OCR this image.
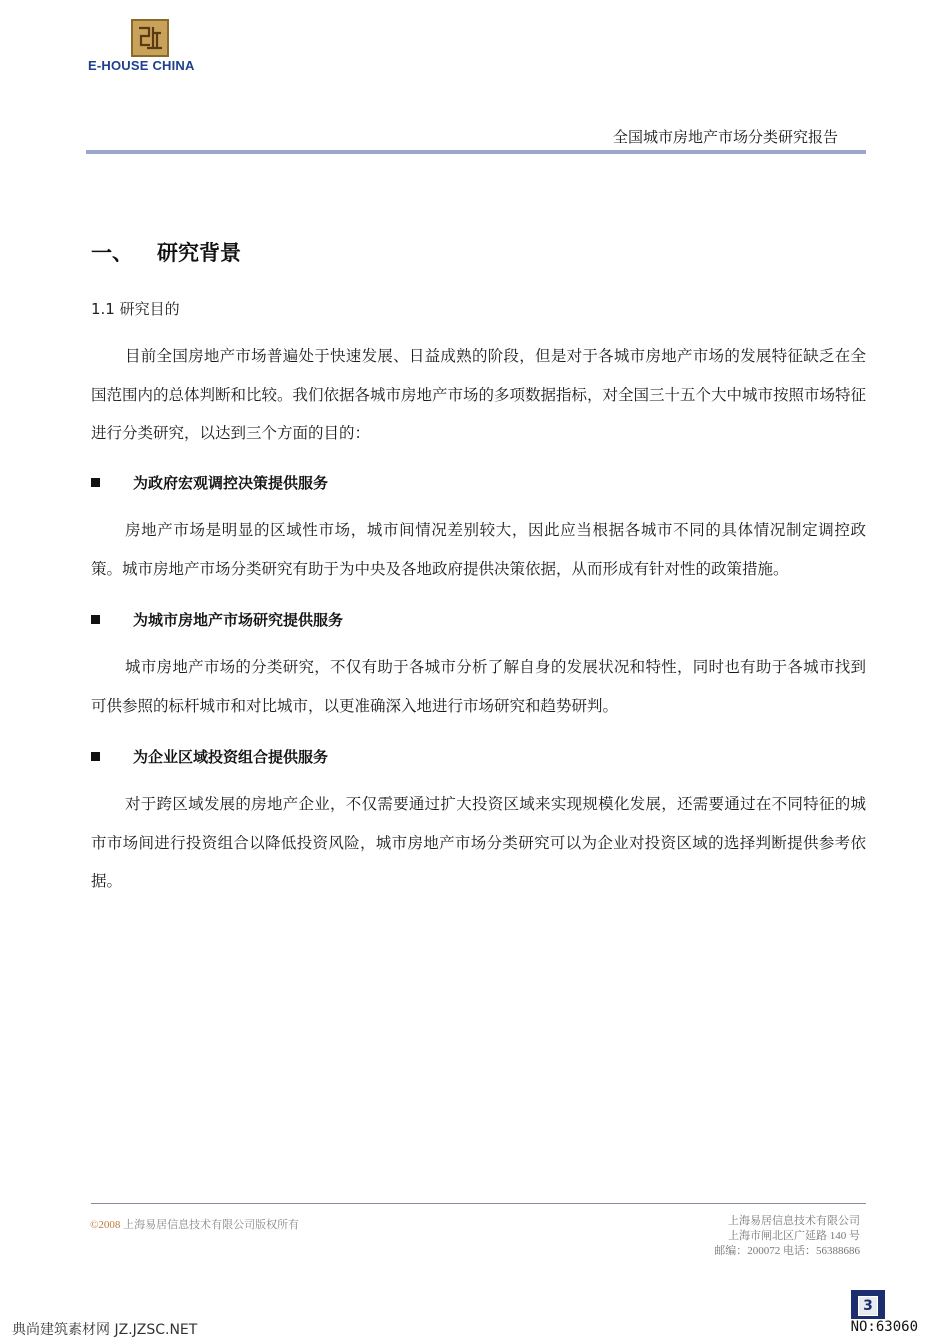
E-HOUSE CHINA
全国城市房地产市场分类研究报告
一、 研究背景
1.1 研究目的

目前全国房地产市场普遍处于快速发展、日益成熟的阶段，但是对于各城市房地产市场的发展特征缺乏在全国范围内的总体判断和比较。我们依据各城市房地产市场的多项数据指标，对全国三十五个大中城市按照市场特征进行分类研究，以达到三个方面的目的：

为政府宏观调控决策提供服务

房地产市场是明显的区域性市场，城市间情况差别较大，因此应当根据各城市不同的具体情况制定调控政策。城市房地产市场分类研究有助于为中央及各地政府提供决策依据，从而形成有针对性的政策措施。

为城市房地产市场研究提供服务

城市房地产市场的分类研究，不仅有助于各城市分析了解自身的发展状况和特性，同时也有助于各城市找到可供参照的标杆城市和对比城市，以更准确深入地进行市场研究和趋势研判。

为企业区域投资组合提供服务

对于跨区域发展的房地产企业，不仅需要通过扩大投资区域来实现规模化发展，还需要通过在不同特征的城市市场间进行投资组合以降低投资风险，城市房地产市场分类研究可以为企业对投资区域的选择判断提供参考依据。

©2008 上海易居信息技术有限公司版权所有	上海易居信息技术有限公司
上海市闸北区广延路 140 号
邮编：200072 电话：56388686
3
典尚建筑素材网 JZ.JZSC.NET	NO:63060
